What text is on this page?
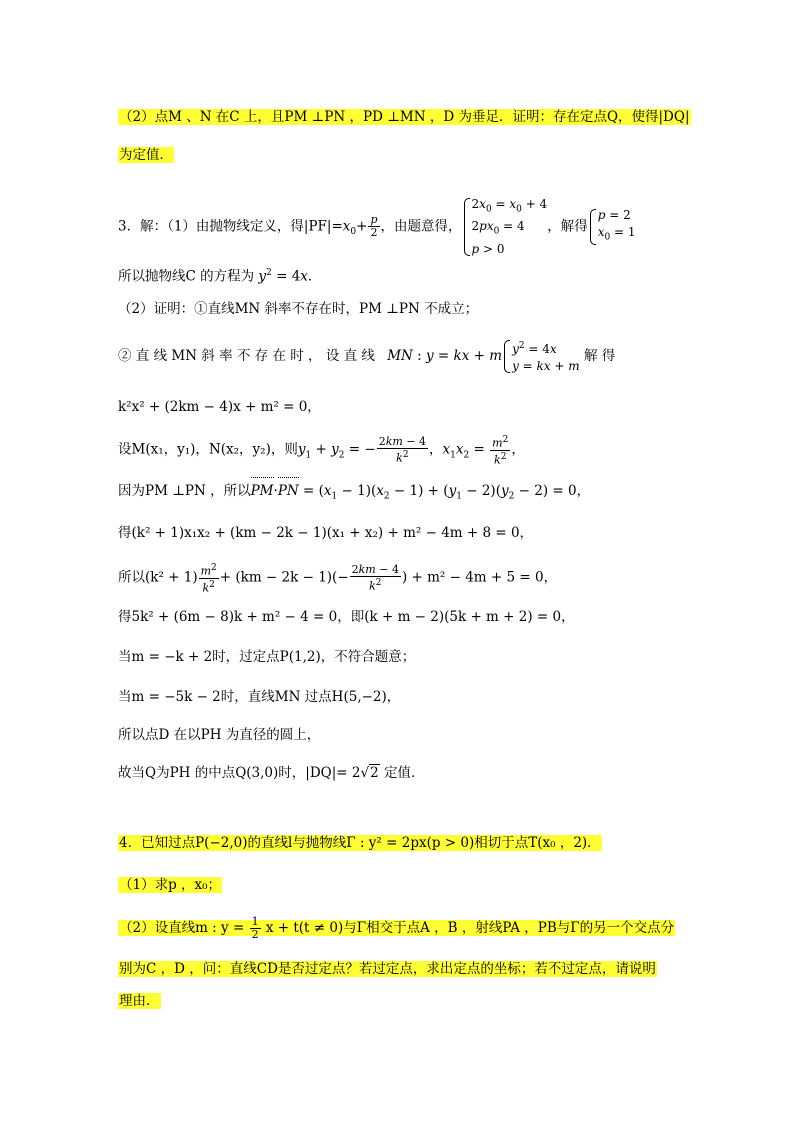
（2）点M 、N 在C 上，且PM ⊥PN ，PD ⊥MN ，D 为垂足．证明：存在定点Q，使得|DQ|
为定值．
3．解：（1）由抛物线定义，得$|PF|=x_0+ \frac{p}{2}$ ，由题意得，$2x_0 = x_0 + 4$
$2px_0 = 4$
p > 0，解得p = 2
$x_0 = 1$
所以抛物线C 的方程为 $y^2 = 4x$．
（2）证明：①直线MN 斜率不存在时，PM ⊥PN 不成立；
② 直 线 MN 斜 率 不 存 在 时 ， 设 直 线 MN : y = kx + m $y^2 = 4x$
y = kx + m 解 得
k²x² + (2km − 4)x + m² = 0，
设M(x₁，y₁)，N(x₂，y₂)，则$y_1 + y_2$ = − $\frac{2km - 4}{k^2}$ ，$x_1x_2 = \frac{m^2}{k^2}$ ，
因为PM ⊥PN ，所以$PM\cdot PN = (x_1 - 1)(x_2 - 1) + (y_1 - 2)(y_2 - 2) = 0$，
得(k² + 1)x₁x₂ + (km − 2k − 1)(x₁ + x₂) + m² − 4m + 8 = 0，
所以$(k^2 + 1) \frac{m^2}{k^2} + (km - 2k - 1)(- \frac{2km - 4}{k^2}$ ) + m² − 4m + 5 = 0，
得5k² + (6m − 8)k + m² − 4 = 0，即(k + m − 2)(5k + m + 2) = 0，
当m = −k + 2时，过定点P(1,2)，不符合题意；
当m = −5k − 2时，直线MN 过点H(5,−2)，
所以点D 在以PH 为直径的圆上，
故当Q为PH 的中点Q(3,0)时，|DQ|= 2√2 定值．
4．已知过点P(−2,0)的直线l与抛物线Γ : y² = 2px(p > 0)相切于点T(x₀ ，2)．
（1）求p ，x₀；
（2）设直线m : $y = \frac{1}{2}$ x + t(t ≠ 0)与Γ相交于点A ，B ，射线PA ，PB与Γ的另一个交点分
别为C ，D ，问：直线CD是否过定点？若过定点，求出定点的坐标；若不过定点，请说明
理由．
